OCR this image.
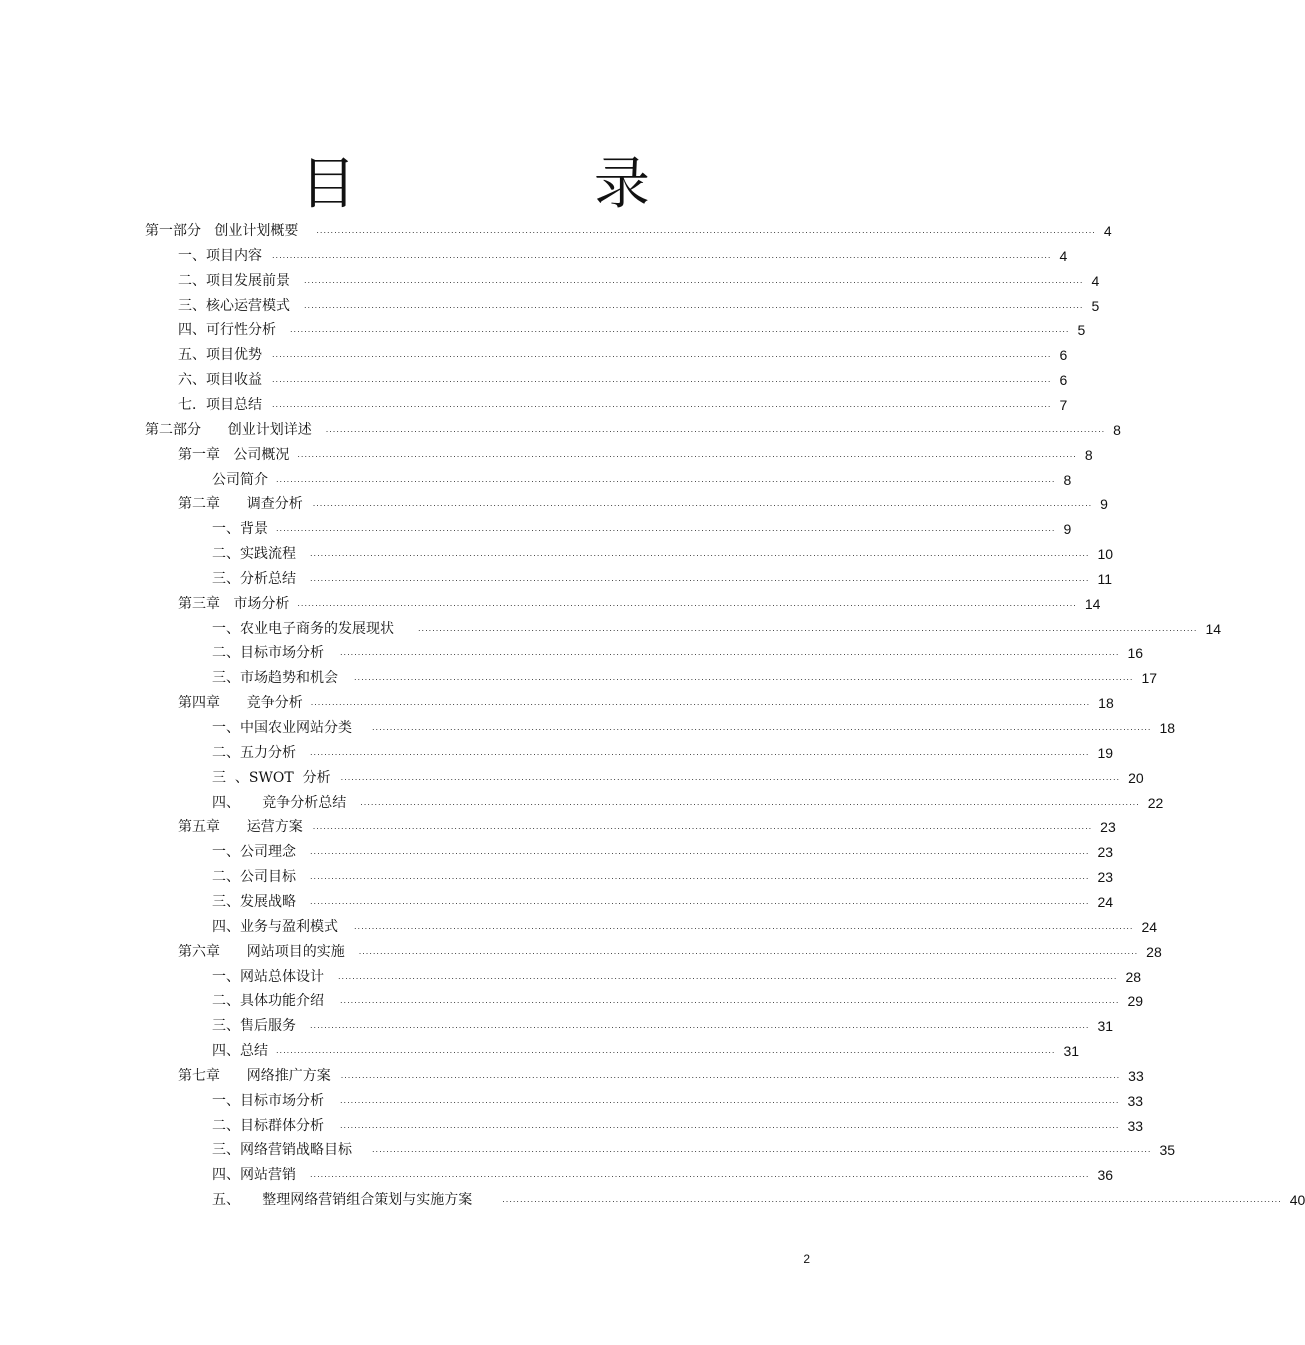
目 录
第一部分   创业计划概要 ............................................................................................................................................................................................................................ 4
一、项目内容 ............................................................................................................................................................................................................................ 4
二、项目发展前景 ............................................................................................................................................................................................................................ 4
三、核心运营模式 ............................................................................................................................................................................................................................ 5
四、可行性分析 ............................................................................................................................................................................................................................ 5
五、项目优势 ............................................................................................................................................................................................................................ 6
六、项目收益 ............................................................................................................................................................................................................................ 6
七．项目总结 ............................................................................................................................................................................................................................ 7
第二部分      创业计划详述 ............................................................................................................................................................................................................................ 8
第一章   公司概况 ............................................................................................................................................................................................................................ 8
公司简介 ............................................................................................................................................................................................................................ 8
第二章      调查分析 ............................................................................................................................................................................................................................ 9
一、背景 ............................................................................................................................................................................................................................ 9
二、实践流程 ............................................................................................................................................................................................................................ 10
三、分析总结 ............................................................................................................................................................................................................................ 11
第三章   市场分析 ............................................................................................................................................................................................................................ 14
一、农业电子商务的发展现状	............................................................................................................................................................................................................................ 14
二、目标市场分析 ............................................................................................................................................................................................................................ 16
三、市场趋势和机会 ............................................................................................................................................................................................................................ 17
第四章      竞争分析 ............................................................................................................................................................................................................................ 18
一、中国农业网站分类	............................................................................................................................................................................................................................ 18
二、五力分析 ............................................................................................................................................................................................................................ 19
三  、SWOT  分析 ............................................................................................................................................................................................................................ 20
四、     竞争分析总结 ............................................................................................................................................................................................................................ 22
第五章      运营方案 ............................................................................................................................................................................................................................ 23
一、公司理念 ............................................................................................................................................................................................................................ 23
二、公司目标 ............................................................................................................................................................................................................................ 23
三、发展战略 ............................................................................................................................................................................................................................ 24
四、业务与盈利模式 ............................................................................................................................................................................................................................ 24
第六章      网站项目的实施 ............................................................................................................................................................................................................................ 28
一、网站总体设计 ............................................................................................................................................................................................................................ 28
二、具体功能介绍 ............................................................................................................................................................................................................................ 29
三、售后服务 ............................................................................................................................................................................................................................ 31
四、总结 ............................................................................................................................................................................................................................ 31
第七章      网络推广方案 ............................................................................................................................................................................................................................ 33
一、目标市场分析 ............................................................................................................................................................................................................................ 33
二、目标群体分析 ............................................................................................................................................................................................................................ 33
三、网络营销战略目标	............................................................................................................................................................................................................................ 35
四、网站营销 ............................................................................................................................................................................................................................ 36
五、     整理网络营销组合策划与实施方案	............................................................................................................................................................................................................................ 40
2
